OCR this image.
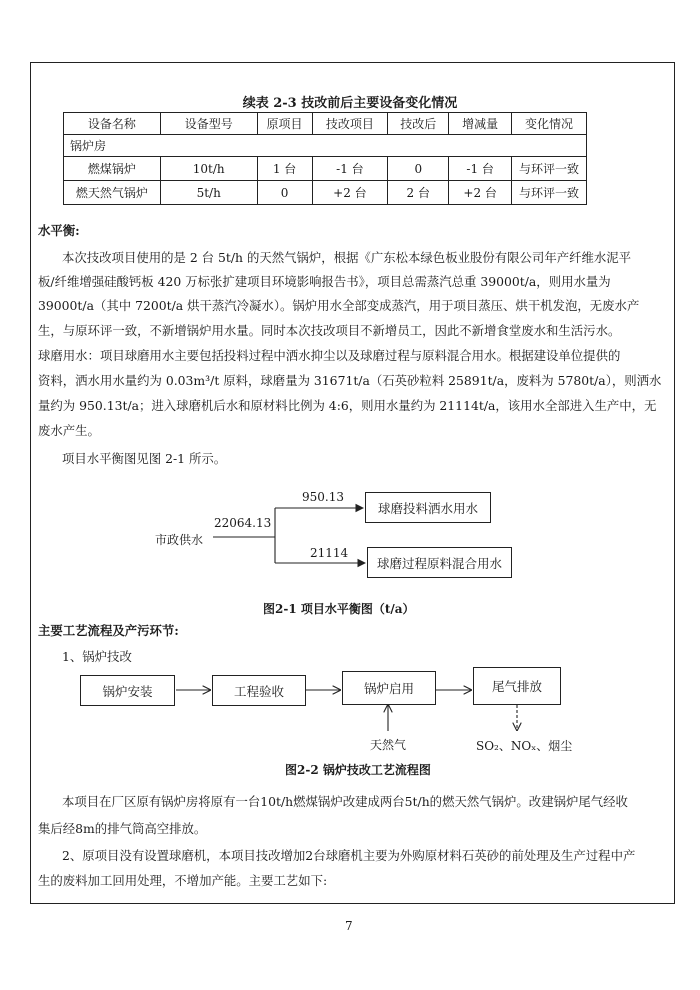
续表 2-3 技改前后主要设备变化情况
设备名称	设备型号	原项目	技改项目	技改后	增减量	变化情况
锅炉房						
燃煤锅炉	10t/h	1 台	-1 台	0	-1 台	与环评一致
燃天然气锅炉	5t/h	0	+2 台	2 台	+2 台	与环评一致
水平衡:
本次技改项目使用的是 2 台 5t/h 的天然气锅炉，根据《广东松本绿色板业股份有限公司年产纤维水泥平
板/纤维增强硅酸钙板 420 万标张扩建项目环境影响报告书》，项目总需蒸汽总重 39000t/a，则用水量为
39000t/a（其中 7200t/a 烘干蒸汽冷凝水）。锅炉用水全部变成蒸汽，用于项目蒸压、烘干机发泡，无废水产
生，与原环评一致，不新增锅炉用水量。同时本次技改项目不新增员工，因此不新增食堂废水和生活污水。
球磨用水：项目球磨用水主要包括投料过程中洒水抑尘以及球磨过程与原料混合用水。根据建设单位提供的
资料，洒水用水量约为 0.03m³/t 原料，球磨量为 31671t/a（石英砂粒料 25891t/a，废料为 5780t/a），则洒水
量约为 950.13t/a；进入球磨机后水和原材料比例为 4:6，则用水量约为 21114t/a，该用水全部进入生产中，无
废水产生。
项目水平衡图见图 2-1 所示。
市政供水
22064.13
950.13
球磨投料洒水用水
21114
球磨过程原料混合用水
图2-1 项目水平衡图（t/a）
主要工艺流程及产污环节:
1、锅炉技改
锅炉安装	工程验收	锅炉启用	尾气排放
天然气	SO₂、NOₓ、烟尘
图2-2 锅炉技改工艺流程图
本项目在厂区原有锅炉房将原有一台10t/h燃煤锅炉改建成两台5t/h的燃天然气锅炉。改建锅炉尾气经收
集后经8m的排气筒高空排放。
2、原项目没有设置球磨机，本项目技改增加2台球磨机主要为外购原材料石英砂的前处理及生产过程中产
生的废料加工回用处理，不增加产能。主要工艺如下:
7
